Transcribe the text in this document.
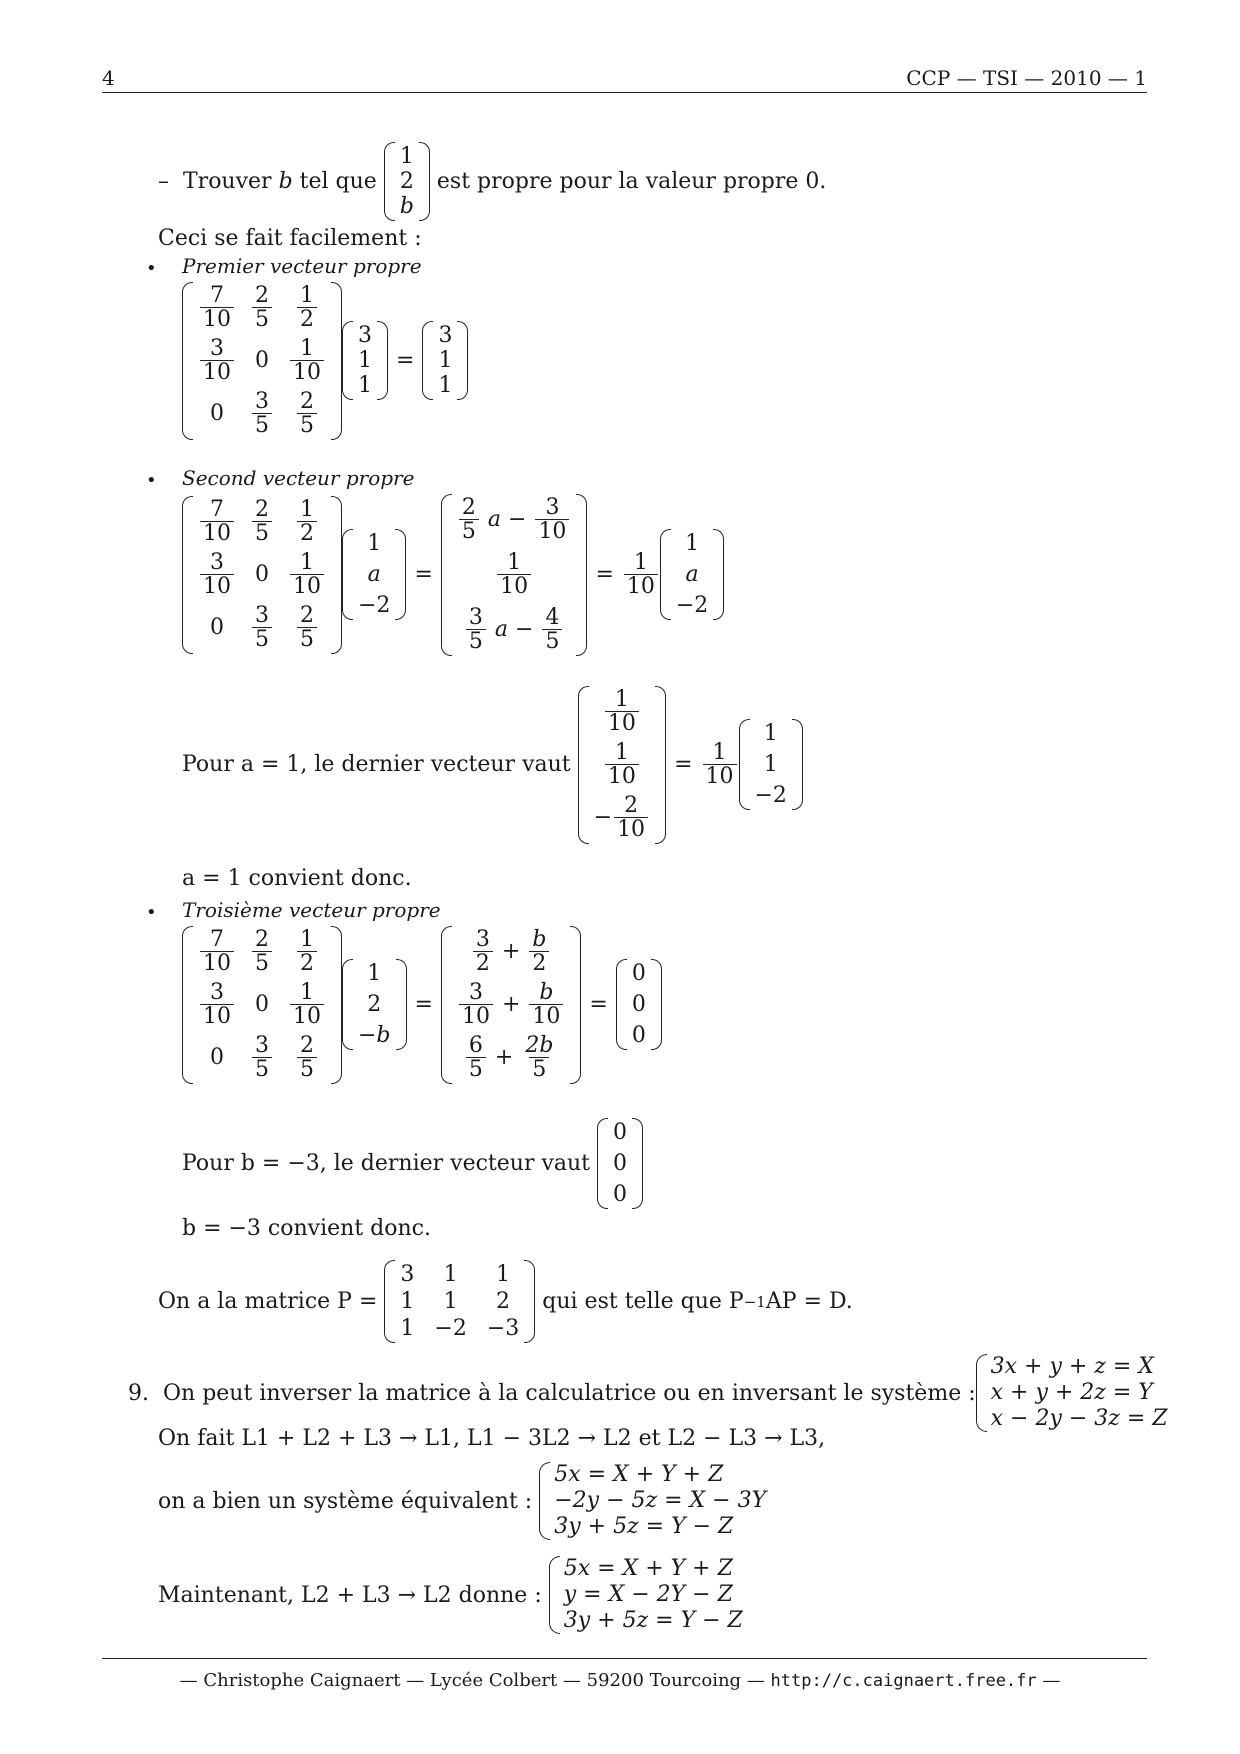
4	CCP — TSI — 2010 — 1
–
Trouver b tel que

1
2
b

est propre pour la valeur propre 0.
Ceci se fait facilement :
• Premier vecteur propre
$\frac{7}{10} \frac{2}{5} \frac{1}{2}$
$\frac{3}{10} 0 \frac{1}{10}$
$0 \frac{3}{5} \frac{2}{5}$
3
1
1
=
3
1
1
• Second vecteur propre
$\frac{7}{10} \frac{2}{5} \frac{1}{2}$
$\frac{3}{10} 0 \frac{1}{10}$
$0 \frac{3}{5} \frac{2}{5}$
1
a
−2
=
$\frac{2}{5}$
a
−
$\frac{3}{10}$
$\frac{1}{10}$
$\frac{3}{5}$
a
−
$\frac{4}{5}$
= $\frac{1}{10}$
1
a
−2
Pour a = 1, le dernier vecteur vaut

$\frac{1}{10}$
$\frac{1}{10}$
− $\frac{2}{10}$
= $\frac{1}{10}$
1
1
−2
a = 1 convient donc.
• Troisième vecteur propre
$\frac{7}{10} \frac{2}{5} \frac{1}{2}$
$\frac{3}{10} 0 \frac{1}{10}$
$0 \frac{3}{5} \frac{2}{5}$
1
2
−b
=
$\frac{3}{2}$
+
$\frac{b}{2}$
$\frac{3}{10}$
+
$\frac{b}{10}$
$\frac{6}{5}$
+
$\frac{2b}{5}$
=
0
0
0
Pour b = −3, le dernier vecteur vaut

0
0
0
b = −3 convient donc.
On a la matrice P =

3 1 1
1 1 2
1 −2 −3

qui est telle que P −1 AP = D.
9.
On peut inverser la matrice à la calculatrice ou en inversant le système :
3x + y + z = X
x + y + 2z = Y
x − 2y − 3z = Z
On fait L1 + L2 + L3 → L1, L1 − 3L2 → L2 et L2 − L3 → L3,
on a bien un système équivalent :

5x = X + Y + Z
−2y − 5z = X − 3Y
3y + 5z = Y − Z
Maintenant, L2 + L3 → L2 donne :

5x = X + Y + Z
y = X − 2Y − Z
3y + 5z = Y − Z
— Christophe Caignaert — Lycée Colbert — 59200 Tourcoing — http://c.caignaert.free.fr —
